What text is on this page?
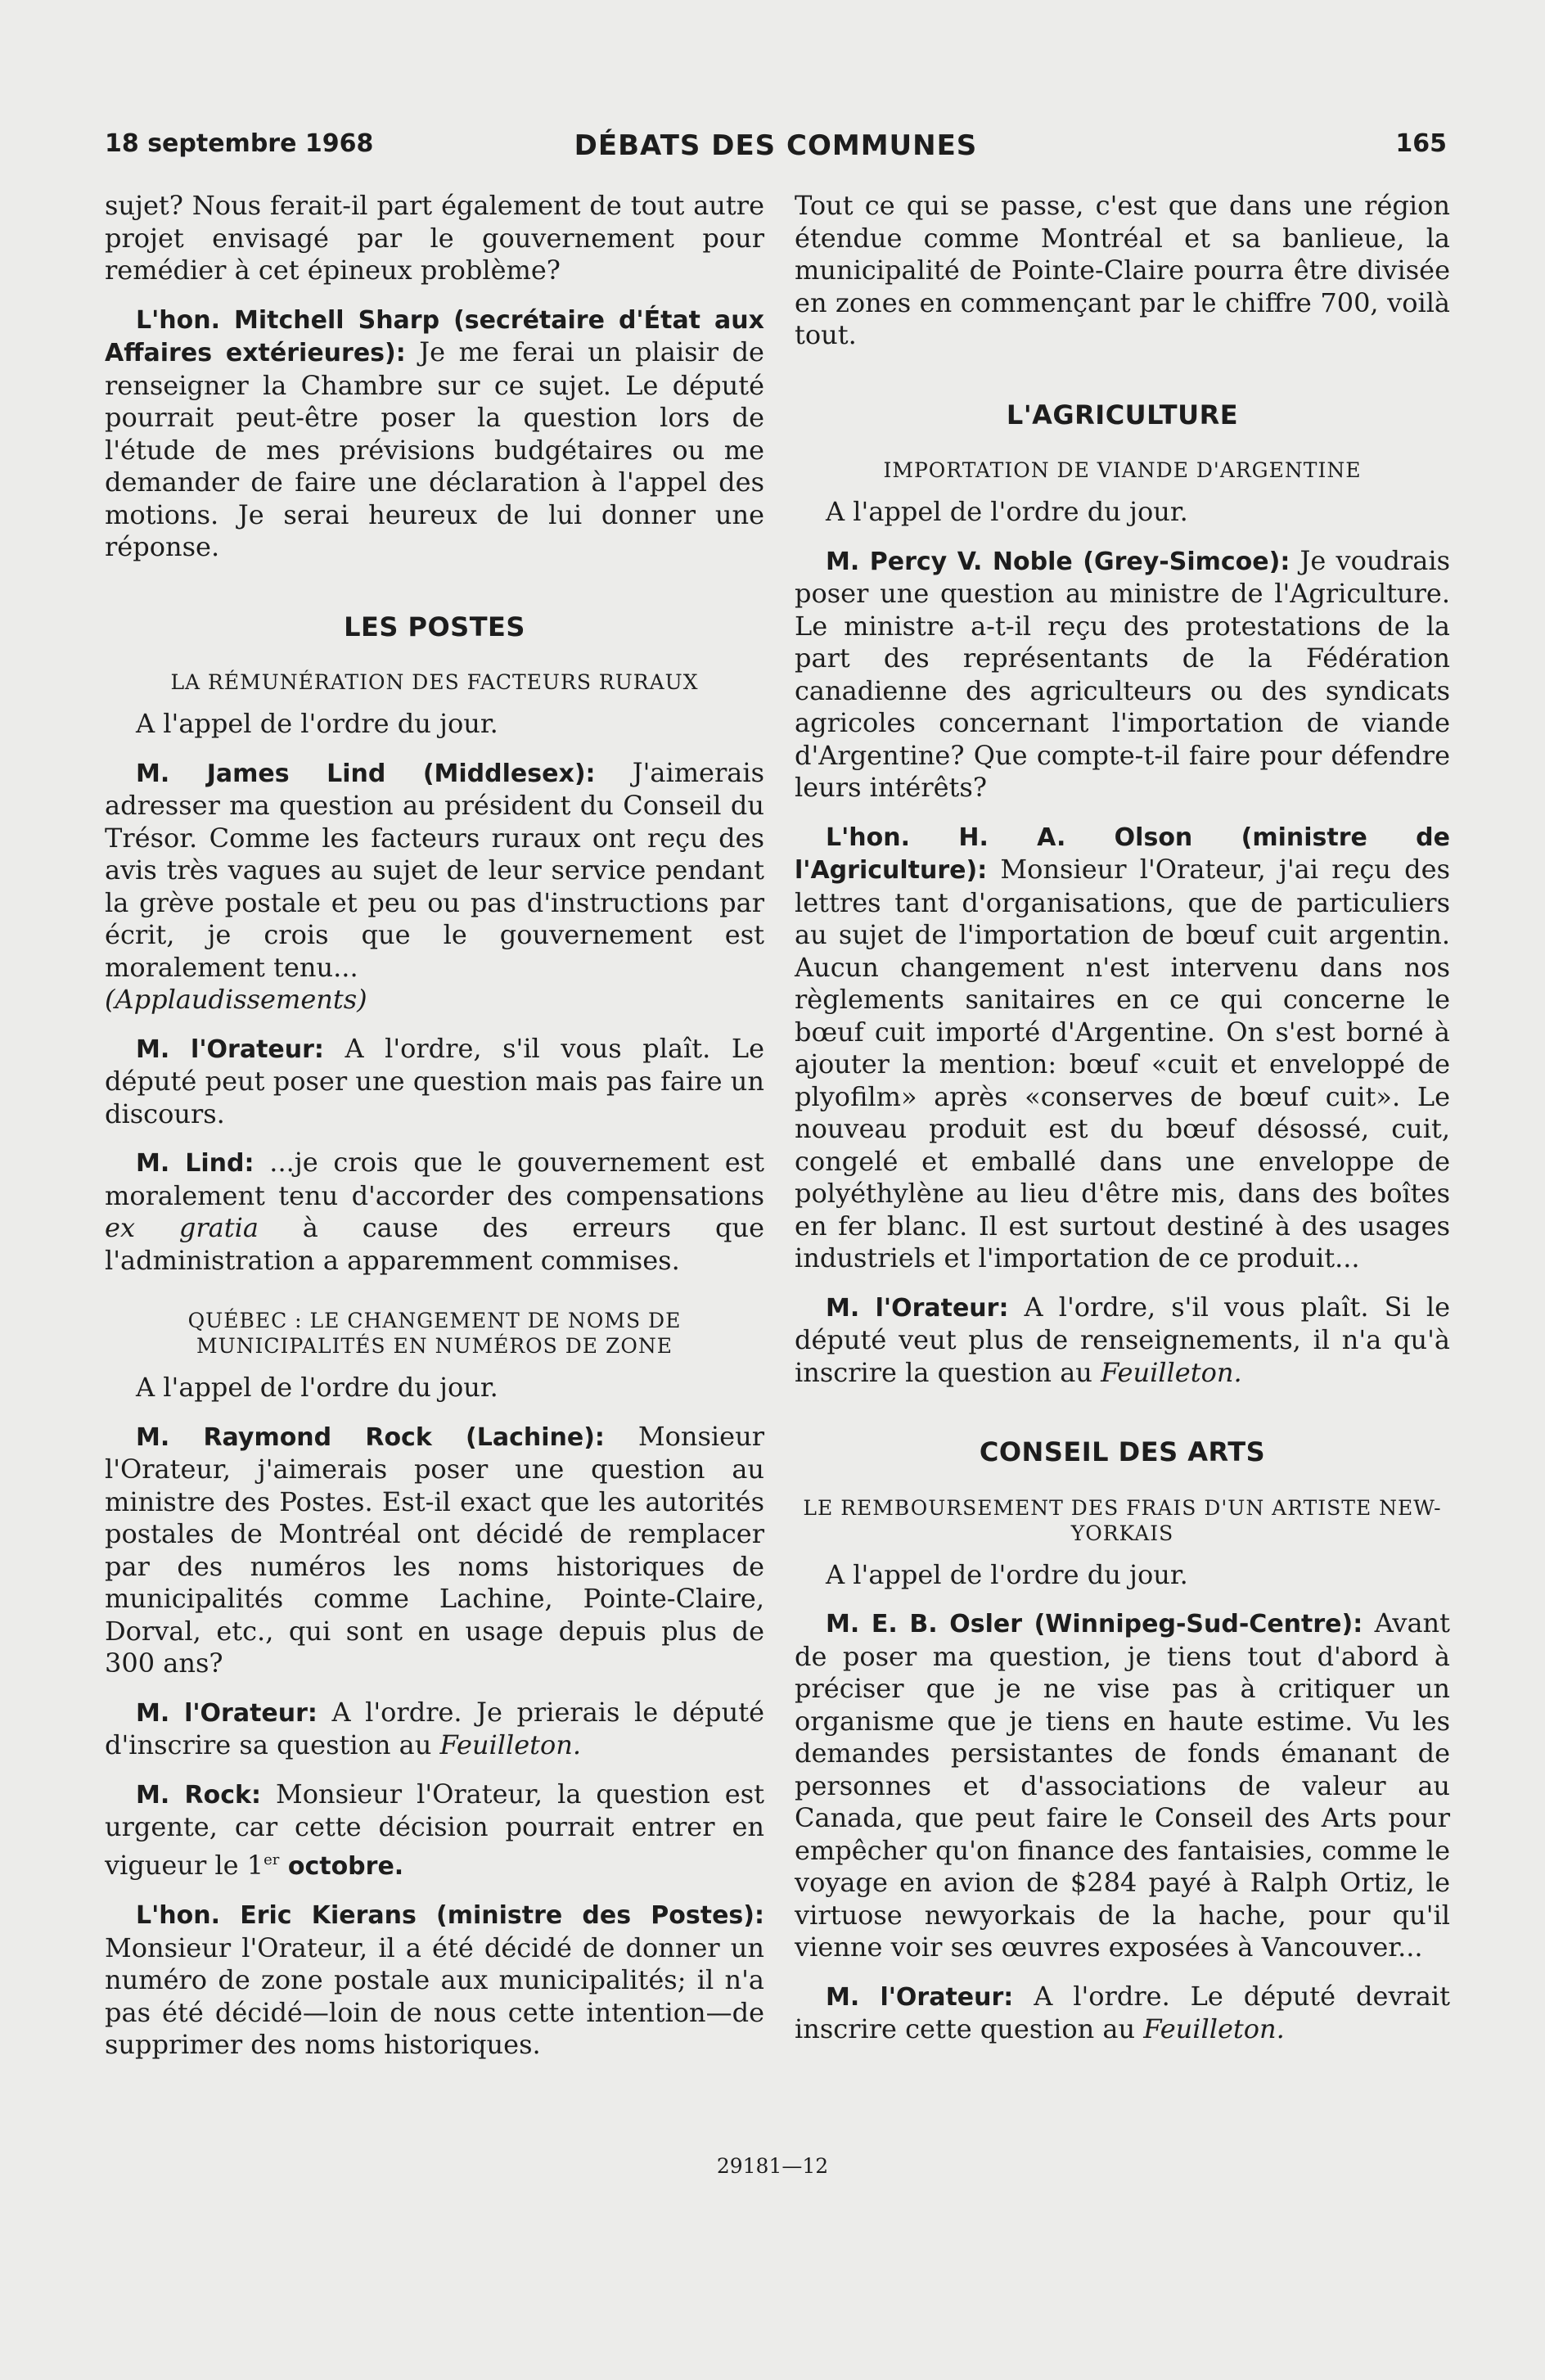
18 septembre 1968	DÉBATS DES COMMUNES	165

sujet? Nous ferait-il part également de tout autre projet envisagé par le gouvernement pour remédier à cet épineux problème?

L'hon. Mitchell Sharp (secrétaire d'État aux Affaires extérieures): Je me ferai un plaisir de renseigner la Chambre sur ce sujet. Le député pourrait peut-être poser la question lors de l'étude de mes prévisions budgétaires ou me demander de faire une déclaration à l'appel des motions. Je serai heureux de lui donner une réponse.

LES POSTES
LA RÉMUNÉRATION DES FACTEURS RURAUX

A l'appel de l'ordre du jour.

M. James Lind (Middlesex): J'aimerais adresser ma question au président du Conseil du Trésor. Comme les facteurs ruraux ont reçu des avis très vagues au sujet de leur service pendant la grève postale et peu ou pas d'instructions par écrit, je crois que le gouvernement est moralement tenu...
(Applaudissements)

M. l'Orateur: A l'ordre, s'il vous plaît. Le député peut poser une question mais pas faire un discours.

M. Lind: ...je crois que le gouvernement est moralement tenu d'accorder des compensations ex gratia à cause des erreurs que l'administration a apparemment commises.

QUÉBEC : LE CHANGEMENT DE NOMS DE MUNICIPALITÉS EN NUMÉROS DE ZONE

A l'appel de l'ordre du jour.

M. Raymond Rock (Lachine): Monsieur l'Orateur, j'aimerais poser une question au ministre des Postes. Est-il exact que les autorités postales de Montréal ont décidé de remplacer par des numéros les noms historiques de municipalités comme Lachine, Pointe-Claire, Dorval, etc., qui sont en usage depuis plus de 300 ans?

M. l'Orateur: A l'ordre. Je prierais le député d'inscrire sa question au Feuilleton.

M. Rock: Monsieur l'Orateur, la question est urgente, car cette décision pourrait entrer en vigueur le 1er octobre.

L'hon. Eric Kierans (ministre des Postes): Monsieur l'Orateur, il a été décidé de donner un numéro de zone postale aux municipalités; il n'a pas été décidé—loin de nous cette intention—de supprimer des noms historiques.

Tout ce qui se passe, c'est que dans une région étendue comme Montréal et sa banlieue, la municipalité de Pointe-Claire pourra être divisée en zones en commençant par le chiffre 700, voilà tout.

L'AGRICULTURE
IMPORTATION DE VIANDE D'ARGENTINE

A l'appel de l'ordre du jour.

M. Percy V. Noble (Grey-Simcoe): Je voudrais poser une question au ministre de l'Agriculture. Le ministre a-t-il reçu des protestations de la part des représentants de la Fédération canadienne des agriculteurs ou des syndicats agricoles concernant l'importation de viande d'Argentine? Que compte-t-il faire pour défendre leurs intérêts?

L'hon. H. A. Olson (ministre de l'Agriculture): Monsieur l'Orateur, j'ai reçu des lettres tant d'organisations, que de particuliers au sujet de l'importation de bœuf cuit argentin. Aucun changement n'est intervenu dans nos règlements sanitaires en ce qui concerne le bœuf cuit importé d'Argentine. On s'est borné à ajouter la mention: bœuf «cuit et enveloppé de plyofilm» après «conserves de bœuf cuit». Le nouveau produit est du bœuf désossé, cuit, congelé et emballé dans une enveloppe de polyéthylène au lieu d'être mis, dans des boîtes en fer blanc. Il est surtout destiné à des usages industriels et l'importation de ce produit...

M. l'Orateur: A l'ordre, s'il vous plaît. Si le député veut plus de renseignements, il n'a qu'à inscrire la question au Feuilleton.

CONSEIL DES ARTS
LE REMBOURSEMENT DES FRAIS D'UN ARTISTE NEW-YORKAIS

A l'appel de l'ordre du jour.

M. E. B. Osler (Winnipeg-Sud-Centre): Avant de poser ma question, je tiens tout d'abord à préciser que je ne vise pas à critiquer un organisme que je tiens en haute estime. Vu les demandes persistantes de fonds émanant de personnes et d'associations de valeur au Canada, que peut faire le Conseil des Arts pour empêcher qu'on finance des fantaisies, comme le voyage en avion de $284 payé à Ralph Ortiz, le virtuose newyorkais de la hache, pour qu'il vienne voir ses œuvres exposées à Vancouver...

M. l'Orateur: A l'ordre. Le député devrait inscrire cette question au Feuilleton.

29181—12
